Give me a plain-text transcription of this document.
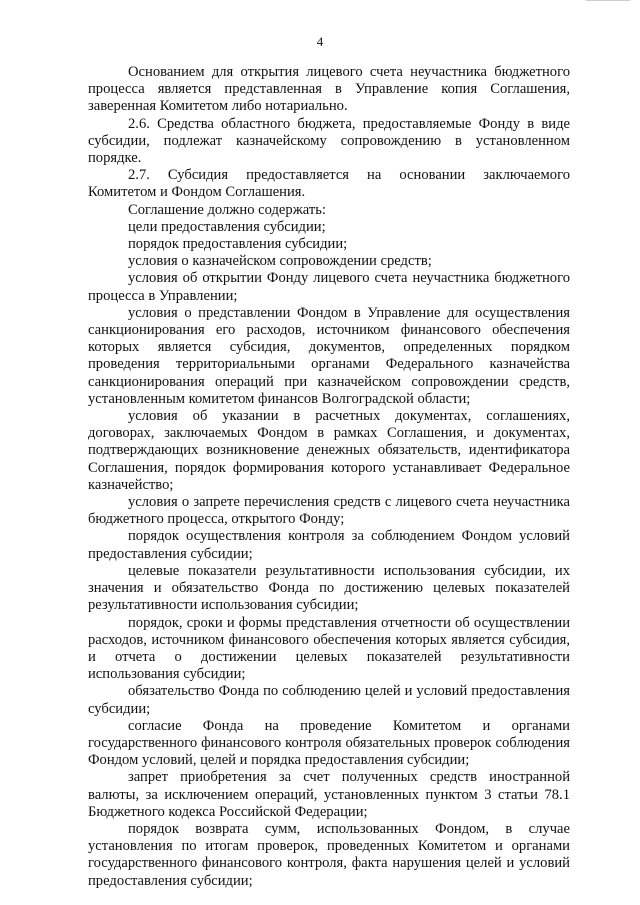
4

Основанием для открытия лицевого счета неучастника бюджетного процесса является представленная в Управление копия Соглашения, заверенная Комитетом либо нотариально.

2.6. Средства областного бюджета, предоставляемые Фонду в виде субсидии, подлежат казначейскому сопровождению в установленном порядке.

2.7. Субсидия предоставляется на основании заключаемого Комитетом и Фондом Соглашения.

Соглашение должно содержать:

цели предоставления субсидии;

порядок предоставления субсидии;

условия о казначейском сопровождении средств;

условия об открытии Фонду лицевого счета неучастника бюджетного процесса в Управлении;

условия о представлении Фондом в Управление для осуществления санкционирования его расходов, источником финансового обеспечения которых является субсидия, документов, определенных порядком проведения территориальными органами Федерального казначейства санкционирования операций при казначейском сопровождении средств, установленным комитетом финансов Волгоградской области;

условия об указании в расчетных документах, соглашениях, договорах, заключаемых Фондом в рамках Соглашения, и документах, подтверждающих возникновение денежных обязательств, идентификатора Соглашения, порядок формирования которого устанавливает Федеральное казначейство;

условия о запрете перечисления средств с лицевого счета неучастника бюджетного процесса, открытого Фонду;

порядок осуществления контроля за соблюдением Фондом условий предоставления субсидии;

целевые показатели результативности использования субсидии, их значения и обязательство Фонда по достижению целевых показателей результативности использования субсидии;

порядок, сроки и формы представления отчетности об осуществлении расходов, источником финансового обеспечения которых является субсидия, и отчета о достижении целевых показателей результативности использования субсидии;

обязательство Фонда по соблюдению целей и условий предоставления субсидии;

согласие Фонда на проведение Комитетом и органами государственного финансового контроля обязательных проверок соблюдения Фондом условий, целей и порядка предоставления субсидии;

запрет приобретения за счет полученных средств иностранной валюты, за исключением операций, установленных пунктом 3 статьи 78.1 Бюджетного кодекса Российской Федерации;

порядок возврата сумм, использованных Фондом, в случае установления по итогам проверок, проведенных Комитетом и органами государственного финансового контроля, факта нарушения целей и условий предоставления субсидии;
